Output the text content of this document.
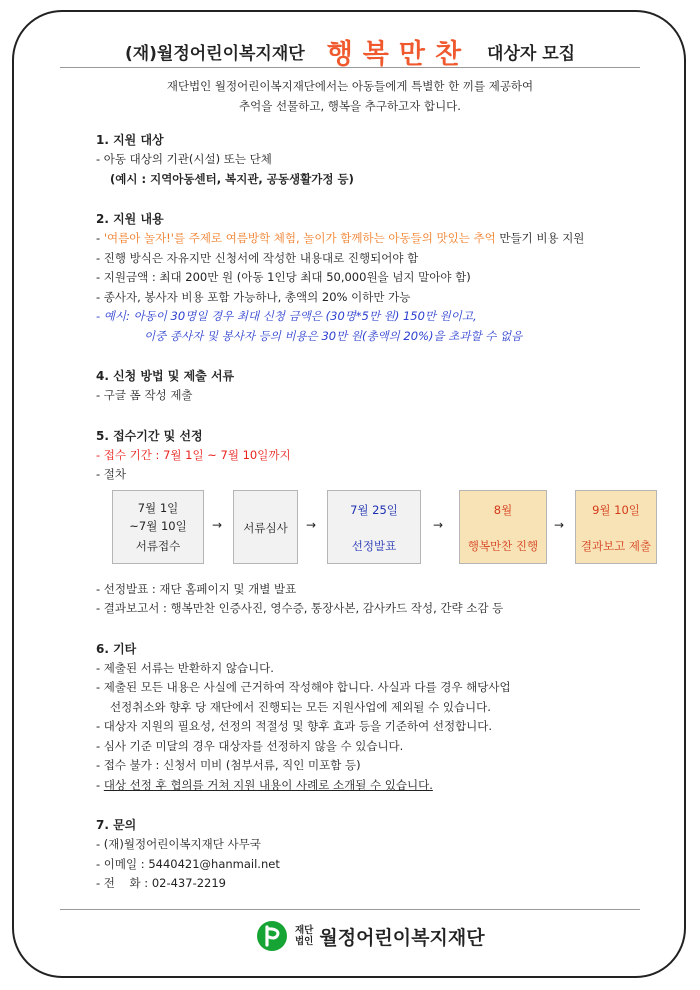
(재)월정어린이복지재단 행복만찬 대상자 모집
재단법인 월정어린이복지재단에서는 아동들에게 특별한 한 끼를 제공하여
추억을 선물하고, 행복을 추구하고자 합니다.

1. 지원 대상

- 아동 대상의 기관(시설) 또는 단체

(예시 : 지역아동센터, 복지관, 공동생활가정 등)

2. 지원 내용

- '여름아 놀자!'를 주제로 여름방학 체험, 놀이가 함께하는 아동들의 맛있는 추억 만들기 비용 지원

- 진행 방식은 자유지만 신청서에 작성한 내용대로 진행되어야 함

- 지원금액 : 최대 200만 원 (아동 1인당 최대 50,000원을 넘지 말아야 함)

- 종사자, 봉사자 비용 포함 가능하나, 총액의 20% 이하만 가능

- 예시: 아동이 30명일 경우 최대 신청 금액은 (30명*5만 원) 150만 원이고,

이중 종사자 및 봉사자 등의 비용은 30만 원(총액의 20%)을 초과할 수 없음

4. 신청 방법 및 제출 서류

- 구글 폼 작성 제출

5. 접수기간 및 선정

- 접수 기간 : 7월 1일 ~ 7월 10일까지

- 절차

7월 1일
~7월 10일
서류접수
→	서류심사	→
7월 25일
선정발표
→
8월
행복만찬 진행
→
9월 10일
결과보고 제출

- 선정발표 : 재단 홈페이지 및 개별 발표

- 결과보고서 : 행복만찬 인증사진, 영수증, 통장사본, 감사카드 작성, 간략 소감 등

6. 기타

- 제출된 서류는 반환하지 않습니다.

- 제출된 모든 내용은 사실에 근거하여 작성해야 합니다. 사실과 다를 경우 해당사업

선정취소와 향후 당 재단에서 진행되는 모든 지원사업에 제외될 수 있습니다.

- 대상자 지원의 필요성, 선정의 적절성 및 향후 효과 등을 기준하여 선정합니다.

- 심사 기준 미달의 경우 대상자를 선정하지 않을 수 있습니다.

- 접수 불가 : 신청서 미비 (첨부서류, 직인 미포함 등)

- 대상 선정 후 협의를 거쳐 지원 내용이 사례로 소개될 수 있습니다.

7. 문의

- (재)월정어린이복지재단 사무국

- 이메일 : 5440421@hanmail.net

- 전    화 : 02-437-2219

재단
법인 월정어린이복지재단
